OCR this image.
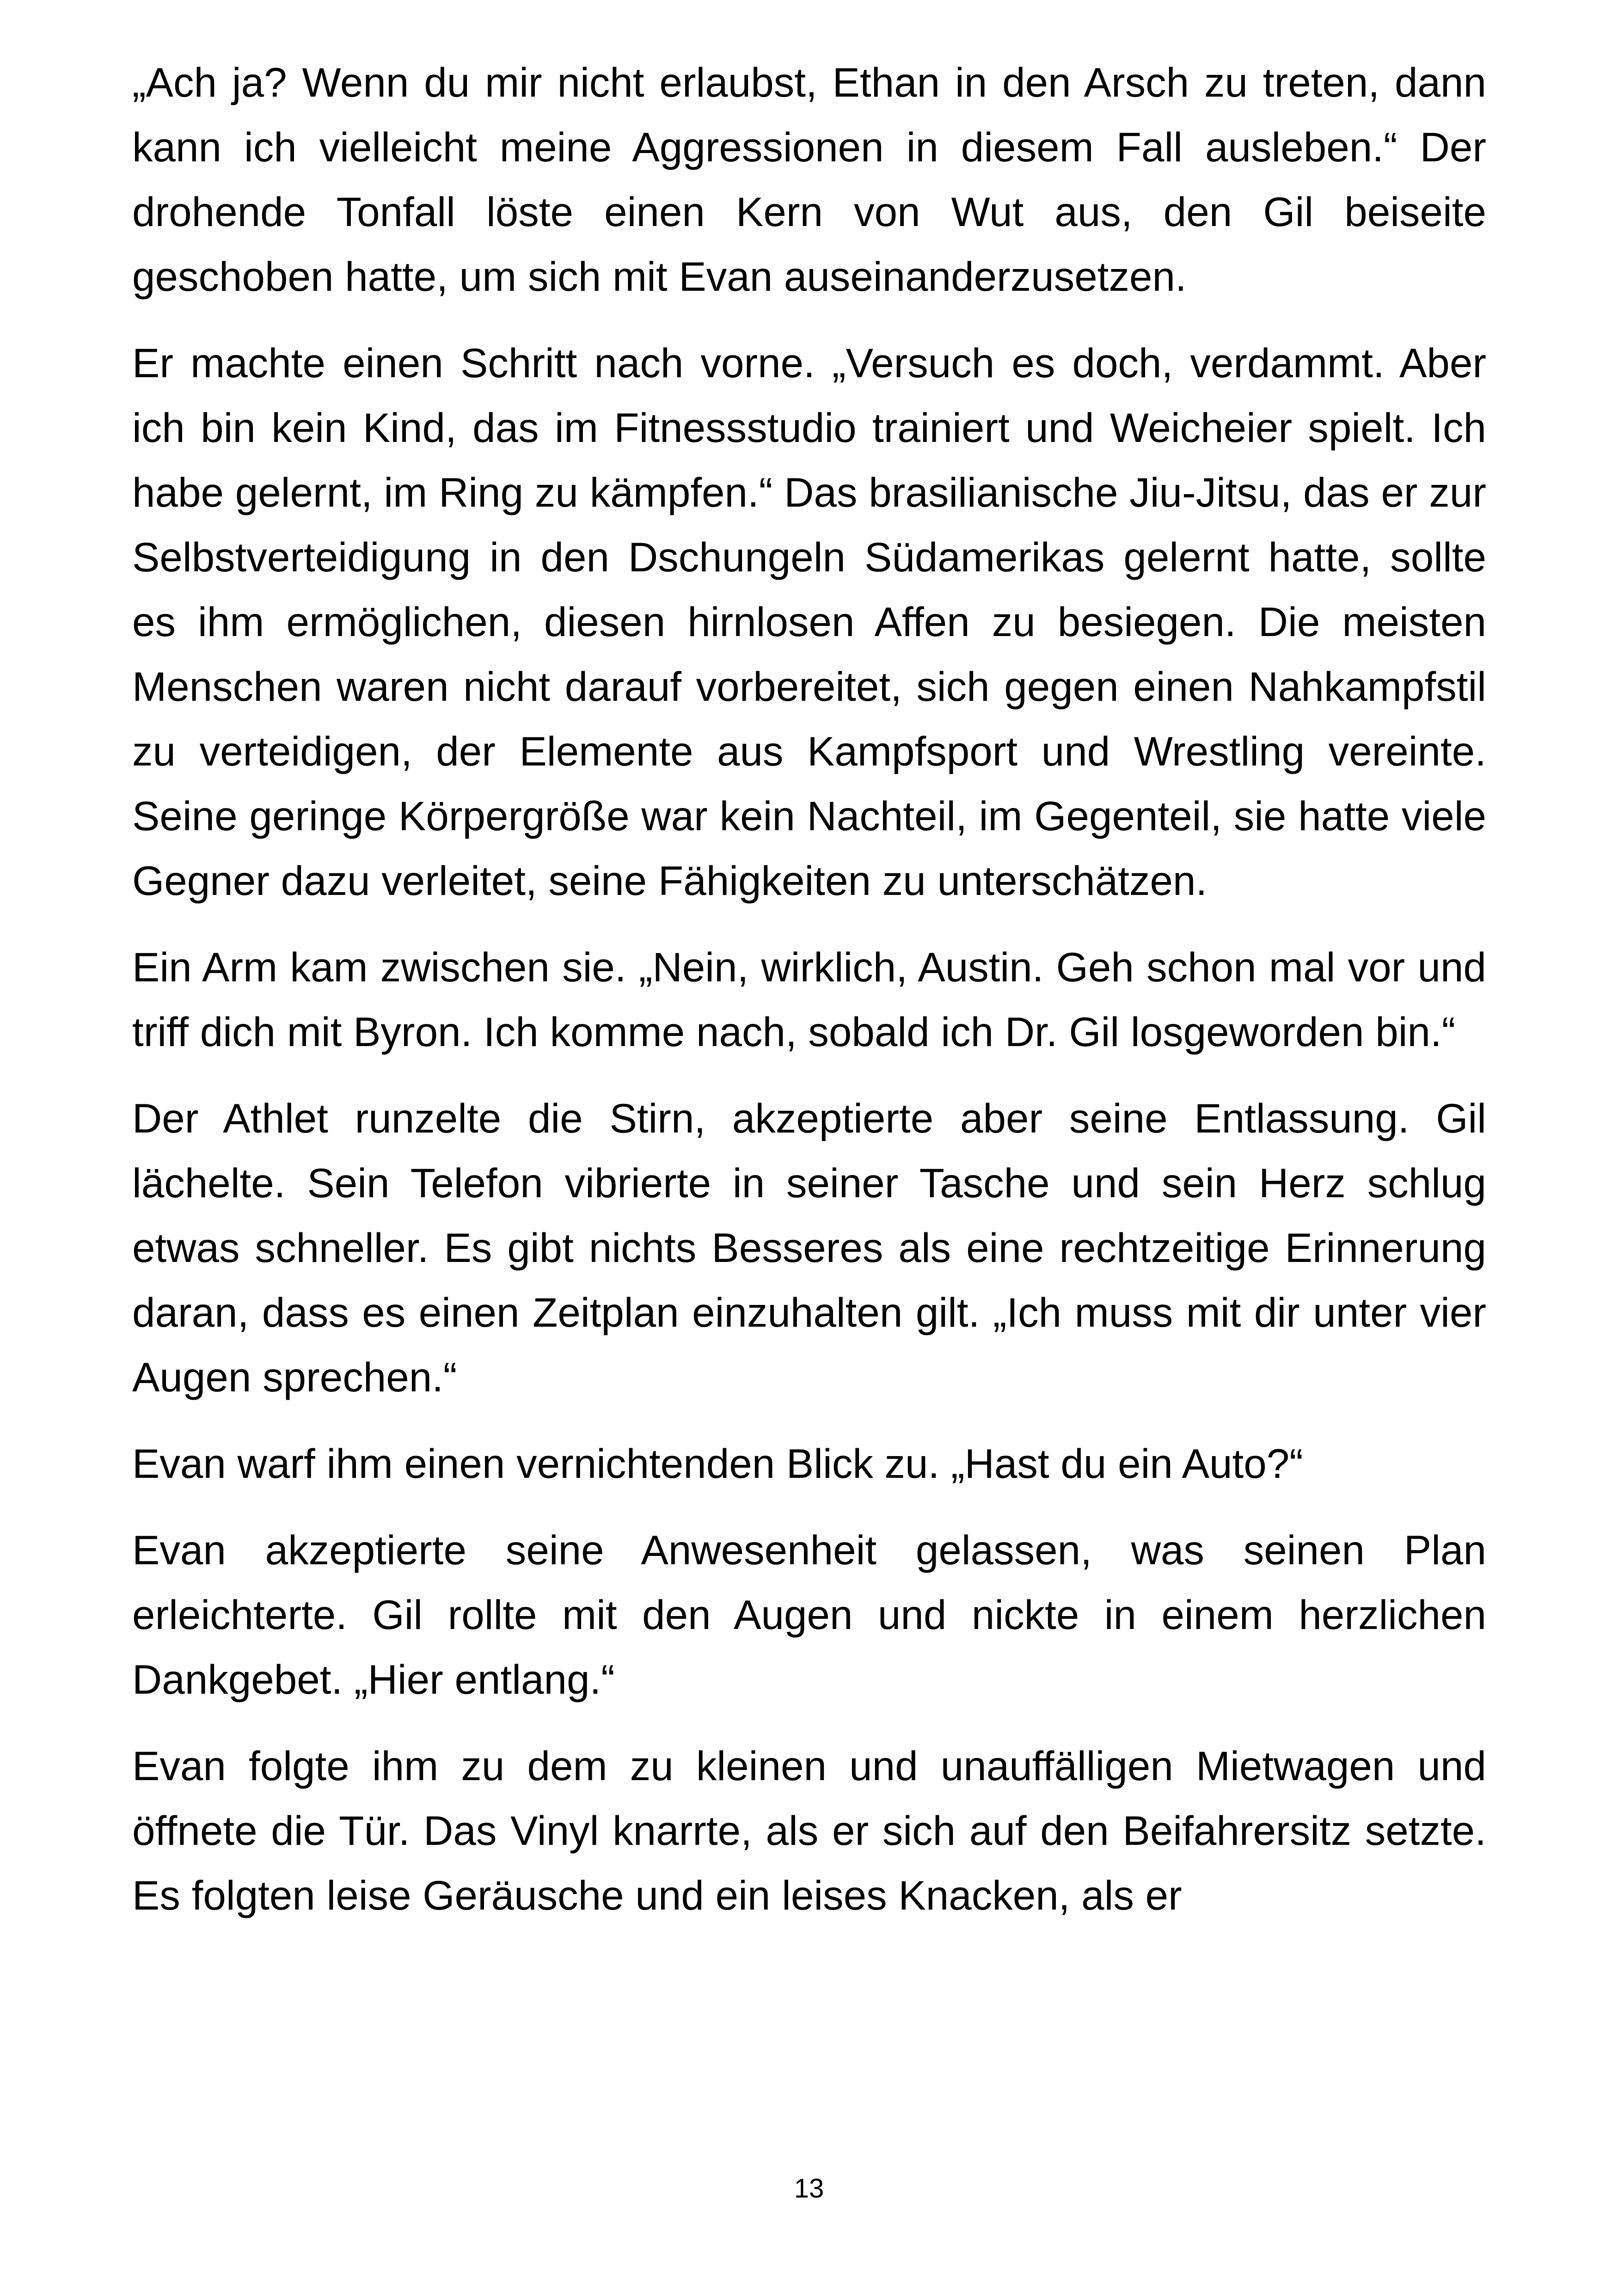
„Ach ja? Wenn du mir nicht erlaubst, Ethan in den Arsch zu treten, dann kann ich vielleicht meine Aggressionen in diesem Fall ausleben.“ Der drohende Tonfall löste einen Kern von Wut aus, den Gil beiseite geschoben hatte, um sich mit Evan auseinanderzusetzen.

Er machte einen Schritt nach vorne. „Versuch es doch, verdammt. Aber ich bin kein Kind, das im Fitnessstudio trainiert und Weicheier spielt. Ich habe gelernt, im Ring zu kämpfen.“ Das brasilianische Jiu-Jitsu, das er zur Selbstverteidigung in den Dschungeln Südamerikas gelernt hatte, sollte es ihm ermöglichen, diesen hirnlosen Affen zu besiegen. Die meisten Menschen waren nicht darauf vorbereitet, sich gegen einen Nahkampfstil zu verteidigen, der Elemente aus Kampfsport und Wrestling vereinte. Seine geringe Körpergröße war kein Nachteil, im Gegenteil, sie hatte viele Gegner dazu verleitet, seine Fähigkeiten zu unterschätzen.

Ein Arm kam zwischen sie. „Nein, wirklich, Austin. Geh schon mal vor und triff dich mit Byron. Ich komme nach, sobald ich Dr. Gil losgeworden bin.“

Der Athlet runzelte die Stirn, akzeptierte aber seine Entlassung. Gil lächelte. Sein Telefon vibrierte in seiner Tasche und sein Herz schlug etwas schneller. Es gibt nichts Besseres als eine rechtzeitige Erinnerung daran, dass es einen Zeitplan einzuhalten gilt. „Ich muss mit dir unter vier Augen sprechen.“

Evan warf ihm einen vernichtenden Blick zu. „Hast du ein Auto?“

Evan akzeptierte seine Anwesenheit gelassen, was seinen Plan erleichterte. Gil rollte mit den Augen und nickte in einem herzlichen Dankgebet. „Hier entlang.“

Evan folgte ihm zu dem zu kleinen und unauffälligen Mietwagen und öffnete die Tür. Das Vinyl knarrte, als er sich auf den Beifahrersitz setzte. Es folgten leise Geräusche und ein leises Knacken, als er

13
